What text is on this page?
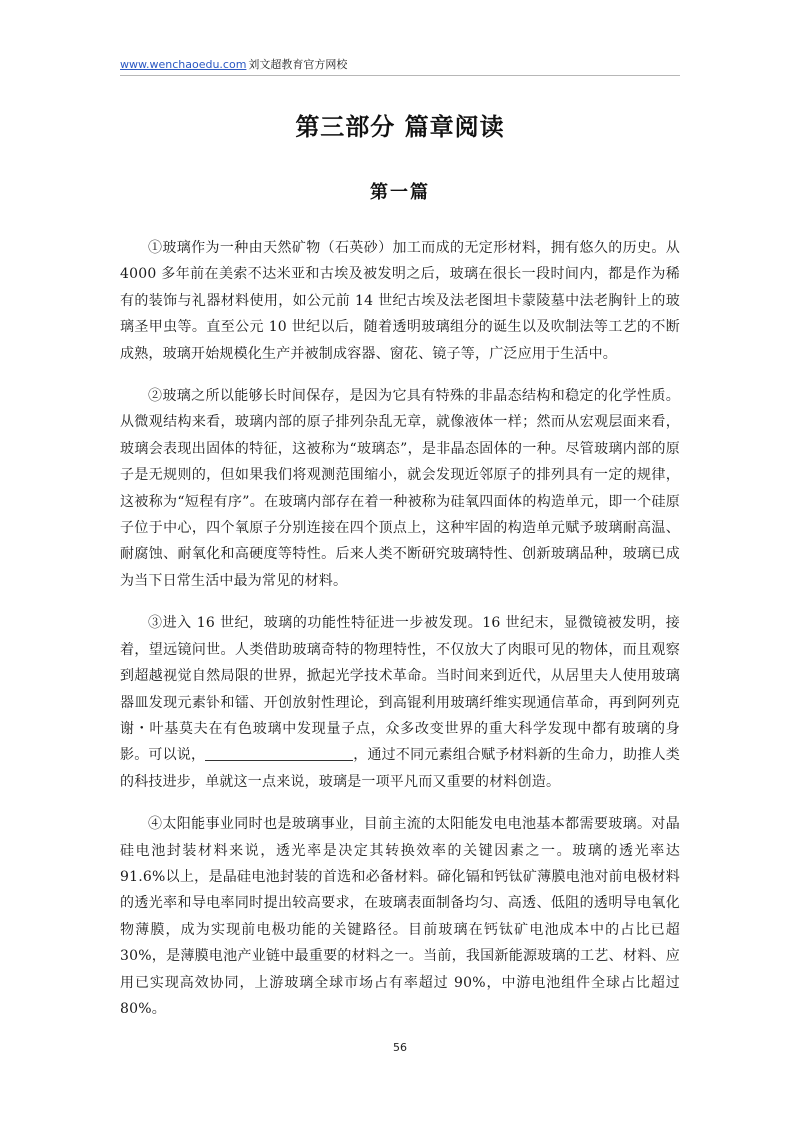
www.wenchaoedu.com 刘文超教育官方网校
第三部分 篇章阅读
第一篇

①玻璃作为一种由天然矿物（石英砂）加工而成的无定形材料，拥有悠久的历史。从 4000 多年前在美索不达米亚和古埃及被发明之后，玻璃在很长一段时间内，都是作为稀有的装饰与礼器材料使用，如公元前 14 世纪古埃及法老图坦卡蒙陵墓中法老胸针上的玻璃圣甲虫等。直至公元 10 世纪以后，随着透明玻璃组分的诞生以及吹制法等工艺的不断成熟，玻璃开始规模化生产并被制成容器、窗花、镜子等，广泛应用于生活中。

②玻璃之所以能够长时间保存，是因为它具有特殊的非晶态结构和稳定的化学性质。从微观结构来看，玻璃内部的原子排列杂乱无章，就像液体一样；然而从宏观层面来看，玻璃会表现出固体的特征，这被称为“玻璃态”，是非晶态固体的一种。尽管玻璃内部的原子是无规则的，但如果我们将观测范围缩小，就会发现近邻原子的排列具有一定的规律，这被称为“短程有序”。在玻璃内部存在着一种被称为硅氧四面体的构造单元，即一个硅原子位于中心，四个氧原子分别连接在四个顶点上，这种牢固的构造单元赋予玻璃耐高温、耐腐蚀、耐氧化和高硬度等特性。后来人类不断研究玻璃特性、创新玻璃品种，玻璃已成为当下日常生活中最为常见的材料。

③进入 16 世纪，玻璃的功能性特征进一步被发现。16 世纪末，显微镜被发明，接着，望远镜问世。人类借助玻璃奇特的物理特性，不仅放大了肉眼可见的物体，而且观察到超越视觉自然局限的世界，掀起光学技术革命。当时间来到近代，从居里夫人使用玻璃器皿发现元素钋和镭、开创放射性理论，到高锟利用玻璃纤维实现通信革命，再到阿列克谢・叶基莫夫在有色玻璃中发现量子点，众多改变世界的重大科学发现中都有玻璃的身影。可以说，	，通过不同元素组合赋予材料新的生命力，助推人类的科技进步，单就这一点来说，玻璃是一项平凡而又重要的材料创造。

④太阳能事业同时也是玻璃事业，目前主流的太阳能发电电池基本都需要玻璃。对晶硅电池封装材料来说，透光率是决定其转换效率的关键因素之一。玻璃的透光率达 91.6%以上，是晶硅电池封装的首选和必备材料。碲化镉和钙钛矿薄膜电池对前电极材料的透光率和导电率同时提出较高要求，在玻璃表面制备均匀、高透、低阻的透明导电氧化物薄膜，成为实现前电极功能的关键路径。目前玻璃在钙钛矿电池成本中的占比已超 30%，是薄膜电池产业链中最重要的材料之一。当前，我国新能源玻璃的工艺、材料、应用已实现高效协同，上游玻璃全球市场占有率超过 90%，中游电池组件全球占比超过 80%。

56
